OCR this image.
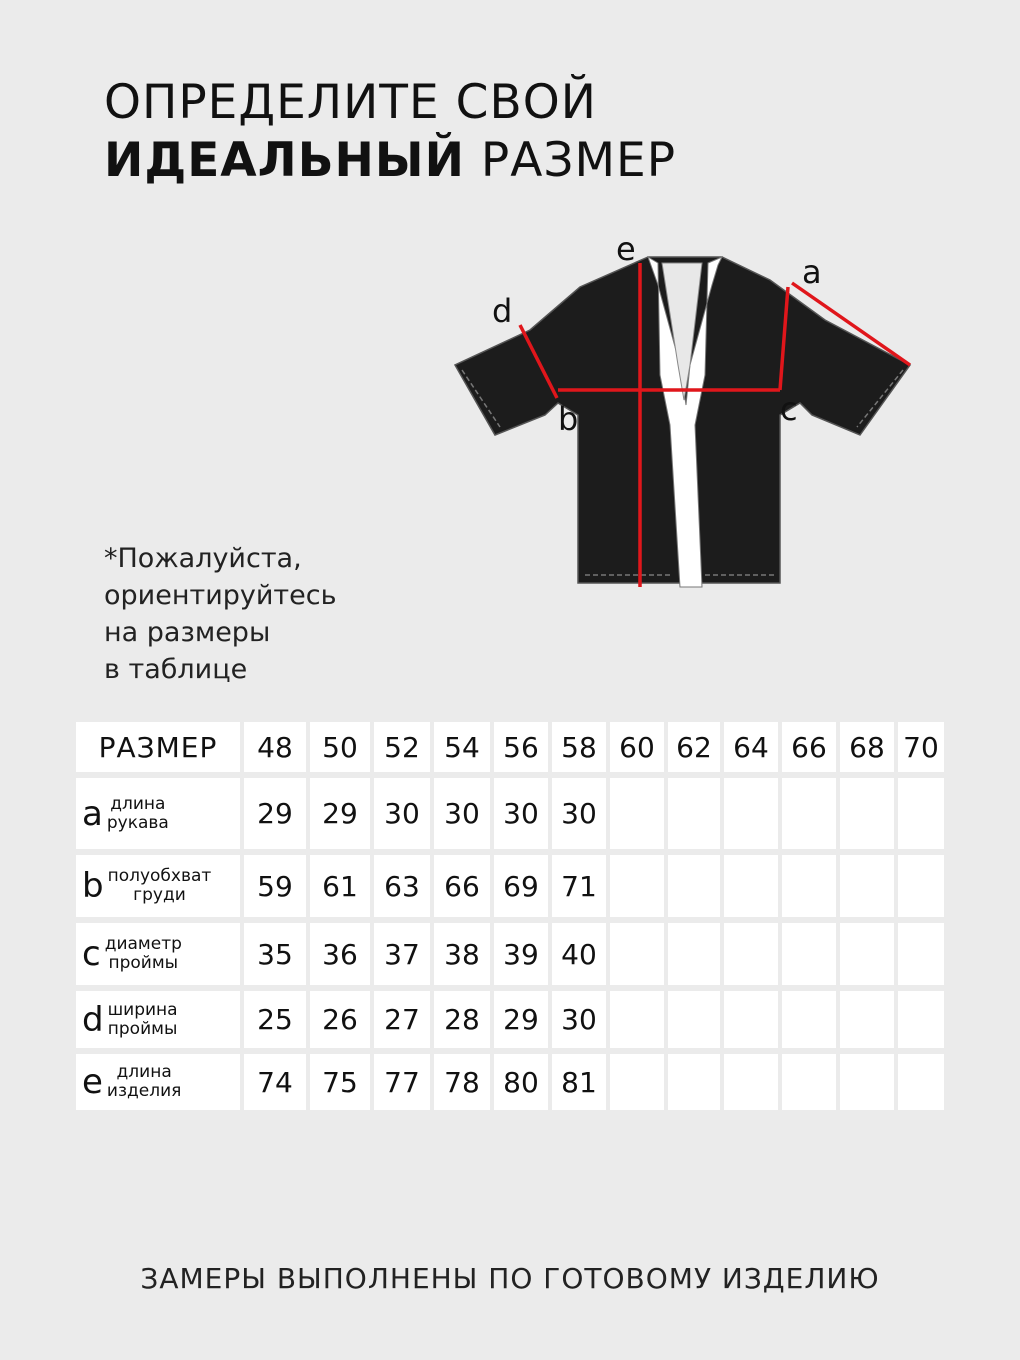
ОПРЕДЕЛИТЕ СВОЙ
ИДЕАЛЬНЫЙ РАЗМЕР
a
b	c
d
e
*Пожалуйста,
ориентируйтесь
на размеры
в таблице
РАЗМЕР	48	50	52	54	56	58	60	62	64	66	68	70

a длина
рукава	29	29	30	30	30	30						

b полуобхват
груди	59	61	63	66	69	71						

c диаметр
проймы	35	36	37	38	39	40						

d ширина
проймы	25	26	27	28	29	30						

e длина
изделия	74	75	77	78	80	81						
ЗАМЕРЫ ВЫПОЛНЕНЫ ПО ГОТОВОМУ ИЗДЕЛИЮ
